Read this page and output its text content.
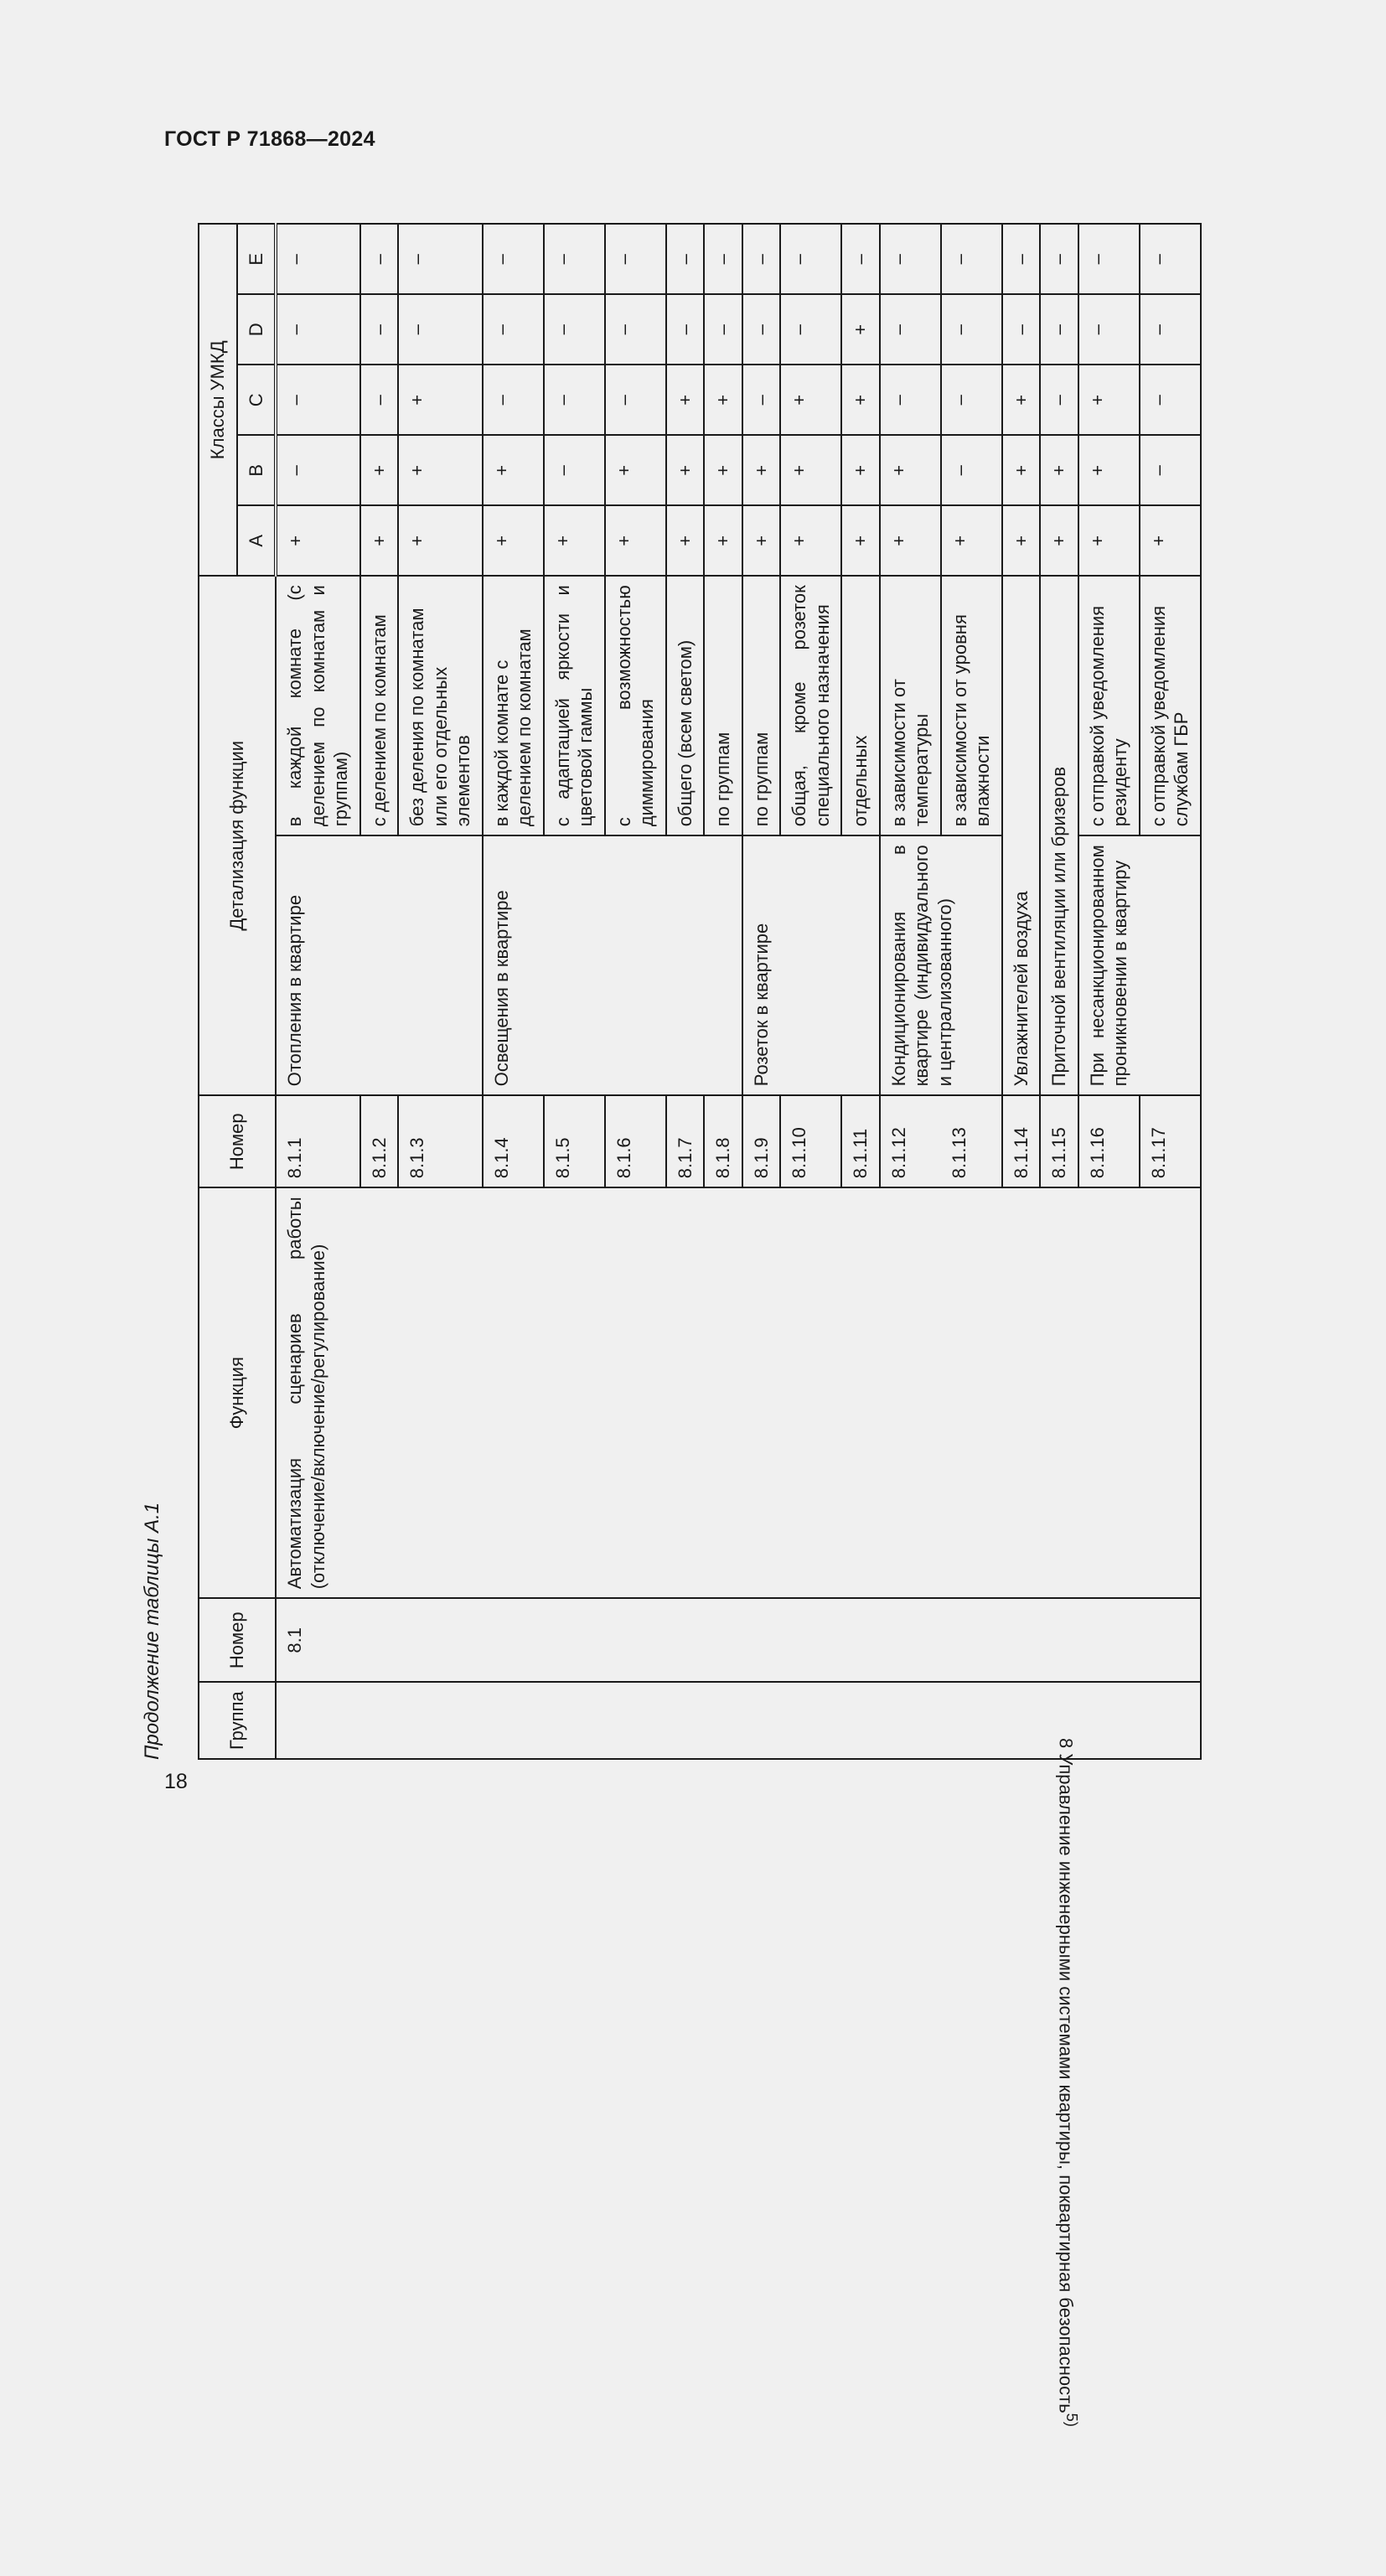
ГОСТ Р 71868—2024
Продолжение таблицы А.1	Группа	Номер	Функция	Номер	Детализация функции		Классы УМКД				
						A	B	C	D	E

8 Управление инженерными системами квартиры, поквартирная безопасность$^{5)}$	8.1	Автоматизация сценариев работы (отключение/включение/регулирование)	8.1.1	Отопления в квартире	в каждой комнате (с делением по комнатам и группам)	+	–	–	–	–
			8.1.2		с делением по комнатам	+	+	–	–	–
			8.1.3		без деления по комнатам или его отдельных элементов	+	+	+	–	–
			8.1.4	Освещения в квартире	в каждой комнате с делением по комнатам	+	+	–	–	–
			8.1.5		с адаптацией яркости и цветовой гаммы	+	–	–	–	–
			8.1.6		с возможностью диммирования	+	+	–	–	–
			8.1.7		общего (всем светом)	+	+	+	–	–
			8.1.8		по группам	+	+	+	–	–
			8.1.9	Розеток в квартире	по группам	+	+	–	–	–
			8.1.10		общая, кроме розеток специального назначения	+	+	+	–	–
			8.1.11		отдельных	+	+	+	+	–
			8.1.12	Кондиционирования в квартире (индивидуального и централизованного)	в зависимости от температуры	+	+	–	–	–
			8.1.13		в зависимости от уровня влажности	+	–	–	–	–
			8.1.14	Увлажнителей воздуха		+	+	+	–	–
			8.1.15	Приточной вентиляции или бризеров		+	+	–	–	–
			8.1.16	При несанкционированном проникновении в квартиру	с отправкой уведомления резиденту	+	+	+	–	–
			8.1.17		с отправкой уведомления службам ГБР	+	–	–	–	–
18
